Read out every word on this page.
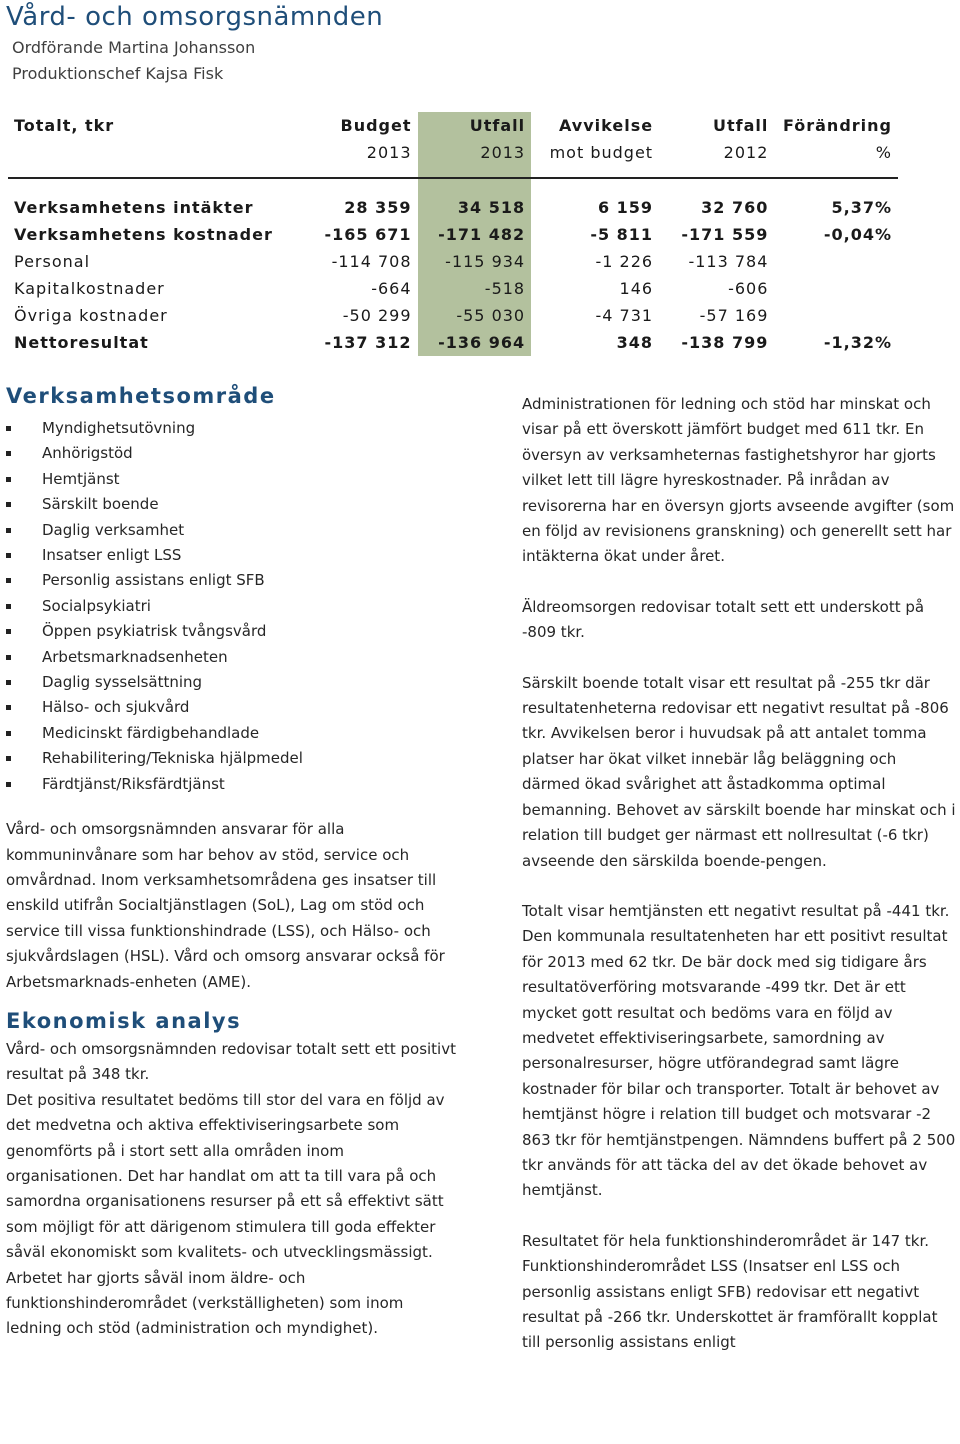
Vård- och omsorgsnämnden
Ordförande Martina Johansson
Produktionschef Kajsa Fisk
Totalt, tkr	Budget	Utfall	Avvikelse	Utfall	Förändring
	2013	2013	mot budget	2012	%

Verksamhetens intäkter	28 359	34 518	6 159	32 760	5,37%
Verksamhetens kostnader	-165 671	-171 482	-5 811	-171 559	-0,04%
Personal	-114 708	-115 934	-1 226	-113 784	
Kapitalkostnader	-664	-518	146	-606	
Övriga kostnader	-50 299	-55 030	-4 731	-57 169	
Nettoresultat	-137 312	-136 964	348	-138 799	-1,32%
Verksamhetsområde
Myndighetsutövning
Anhörigstöd
Hemtjänst
Särskilt boende
Daglig verksamhet
Insatser enligt LSS
Personlig assistans enligt SFB
Socialpsykiatri
Öppen psykiatrisk tvångsvård
Arbetsmarknadsenheten
Daglig sysselsättning
Hälso- och sjukvård
Medicinskt färdigbehandlade
Rehabilitering/Tekniska hjälpmedel
Färdtjänst/Riksfärdtjänst

Vård- och omsorgsnämnden ansvarar för alla kommuninvånare som har behov av stöd, service och omvårdnad. Inom verksamhetsområdena ges insatser till enskild utifrån Socialtjänstlagen (SoL), Lag om stöd och service till vissa funktionshindrade (LSS), och Hälso- och sjukvårdslagen (HSL). Vård och omsorg ansvarar också för Arbetsmarknads-enheten (AME).

Ekonomisk analys

Vård- och omsorgsnämnden redovisar totalt sett ett positivt resultat på 348 tkr.

Det positiva resultatet bedöms till stor del vara en följd av det medvetna och aktiva effektiviseringsarbete som genomförts på i stort sett alla områden inom organisationen. Det har handlat om att ta till vara på och samordna organisationens resurser på ett så effektivt sätt som möjligt för att därigenom stimulera till goda effekter såväl ekonomiskt som kvalitets- och utvecklingsmässigt. Arbetet har gjorts såväl inom äldre- och funktionshinderområdet (verkställigheten) som inom ledning och stöd (administration och myndighet).

Administrationen för ledning och stöd har minskat och visar på ett överskott jämfört budget med 611 tkr. En översyn av verksamheternas fastighetshyror har gjorts vilket lett till lägre hyreskostnader. På inrådan av revisorerna har en översyn gjorts avseende avgifter (som en följd av revisionens granskning) och generellt sett har intäkterna ökat under året.

Äldreomsorgen redovisar totalt sett ett underskott på -809 tkr.

Särskilt boende totalt visar ett resultat på -255 tkr där resultatenheterna redovisar ett negativt resultat på -806 tkr. Avvikelsen beror i huvudsak på att antalet tomma platser har ökat vilket innebär låg beläggning och därmed ökad svårighet att åstadkomma optimal bemanning. Behovet av särskilt boende har minskat och i relation till budget ger närmast ett nollresultat (-6 tkr) avseende den särskilda boende-pengen.

Totalt visar hemtjänsten ett negativt resultat på -441 tkr. Den kommunala resultatenheten har ett positivt resultat för 2013 med 62 tkr. De bär dock med sig tidigare års resultatöverföring motsvarande -499 tkr. Det är ett mycket gott resultat och bedöms vara en följd av medvetet effektiviseringsarbete, samordning av personalresurser, högre utförandegrad samt lägre kostnader för bilar och transporter. Totalt är behovet av hemtjänst högre i relation till budget och motsvarar -2 863 tkr för hemtjänstpengen. Nämndens buffert på 2 500 tkr används för att täcka del av det ökade behovet av hemtjänst.

Resultatet för hela funktionshinderområdet är 147 tkr. Funktionshinderområdet LSS (Insatser enl LSS och personlig assistans enligt SFB) redovisar ett negativt resultat på -266 tkr. Underskottet är framförallt kopplat till personlig assistans enligt
